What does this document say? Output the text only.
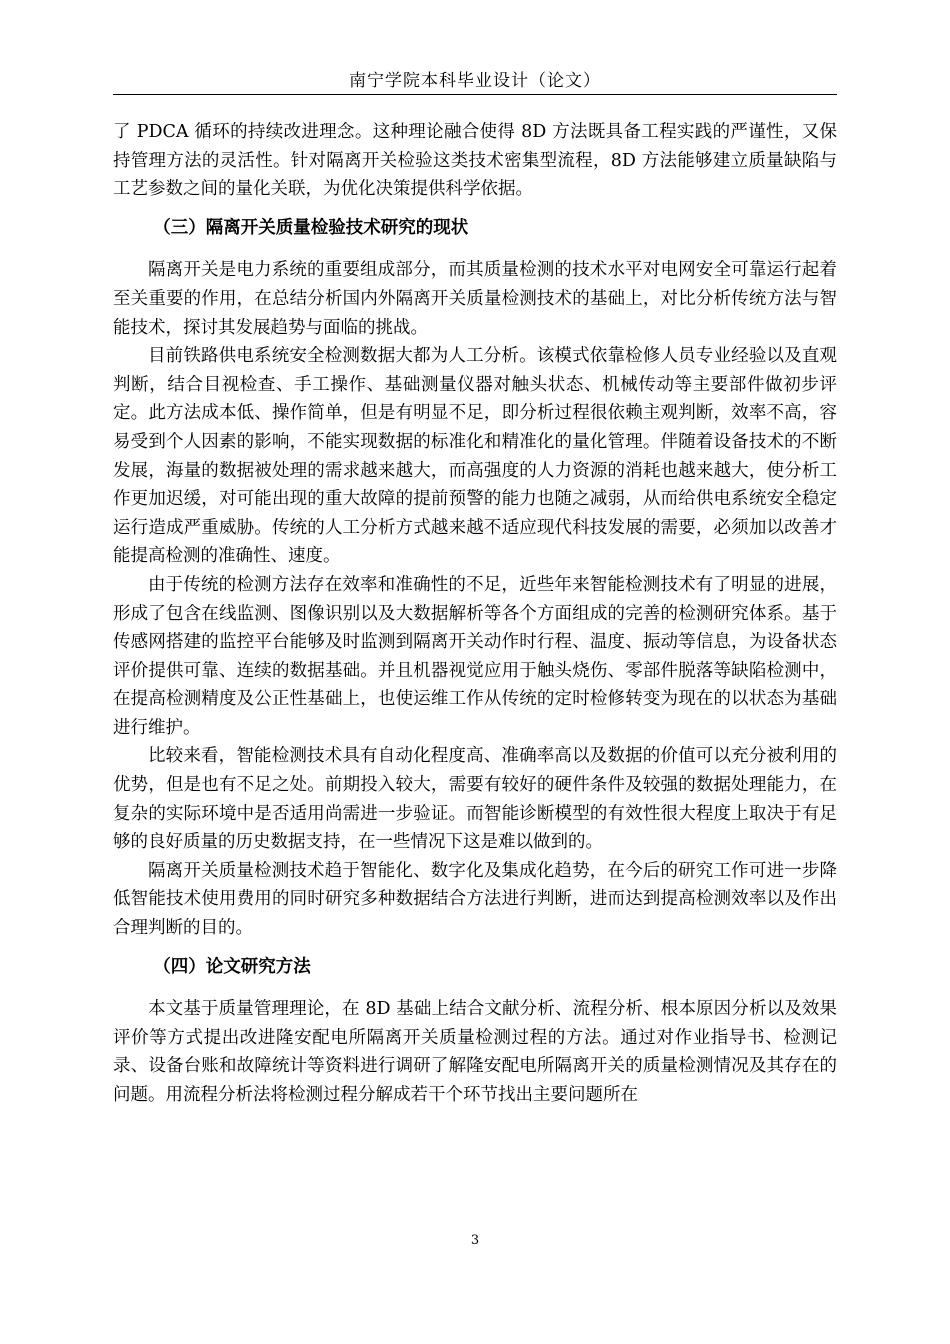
南宁学院本科毕业设计（论文）

了 PDCA 循环的持续改进理念。这种理论融合使得 8D 方法既具备工程实践的严谨性，又保持管理方法的灵活性。针对隔离开关检验这类技术密集型流程，8D 方法能够建立质量缺陷与工艺参数之间的量化关联，为优化决策提供科学依据。

（三）隔离开关质量检验技术研究的现状

隔离开关是电力系统的重要组成部分，而其质量检测的技术水平对电网安全可靠运行起着至关重要的作用，在总结分析国内外隔离开关质量检测技术的基础上，对比分析传统方法与智能技术，探讨其发展趋势与面临的挑战。

目前铁路供电系统安全检测数据大都为人工分析。该模式依靠检修人员专业经验以及直观判断，结合目视检查、手工操作、基础测量仪器对触头状态、机械传动等主要部件做初步评定。此方法成本低、操作简单，但是有明显不足，即分析过程很依赖主观判断，效率不高，容易受到个人因素的影响，不能实现数据的标准化和精准化的量化管理。伴随着设备技术的不断发展，海量的数据被处理的需求越来越大，而高强度的人力资源的消耗也越来越大，使分析工作更加迟缓，对可能出现的重大故障的提前预警的能力也随之减弱，从而给供电系统安全稳定运行造成严重威胁。传统的人工分析方式越来越不适应现代科技发展的需要，必须加以改善才能提高检测的准确性、速度。

由于传统的检测方法存在效率和准确性的不足，近些年来智能检测技术有了明显的进展，形成了包含在线监测、图像识别以及大数据解析等各个方面组成的完善的检测研究体系。基于传感网搭建的监控平台能够及时监测到隔离开关动作时行程、温度、振动等信息，为设备状态评价提供可靠、连续的数据基础。并且机器视觉应用于触头烧伤、零部件脱落等缺陷检测中，在提高检测精度及公正性基础上，也使运维工作从传统的定时检修转变为现在的以状态为基础进行维护。

比较来看，智能检测技术具有自动化程度高、准确率高以及数据的价值可以充分被利用的优势，但是也有不足之处。前期投入较大，需要有较好的硬件条件及较强的数据处理能力，在复杂的实际环境中是否适用尚需进一步验证。而智能诊断模型的有效性很大程度上取决于有足够的良好质量的历史数据支持，在一些情况下这是难以做到的。

隔离开关质量检测技术趋于智能化、数字化及集成化趋势，在今后的研究工作可进一步降低智能技术使用费用的同时研究多种数据结合方法进行判断，进而达到提高检测效率以及作出合理判断的目的。

（四）论文研究方法

本文基于质量管理理论，在 8D 基础上结合文献分析、流程分析、根本原因分析以及效果评价等方式提出改进隆安配电所隔离开关质量检测过程的方法。通过对作业指导书、检测记录、设备台账和故障统计等资料进行调研了解隆安配电所隔离开关的质量检测情况及其存在的问题。用流程分析法将检测过程分解成若干个环节找出主要问题所在

3
